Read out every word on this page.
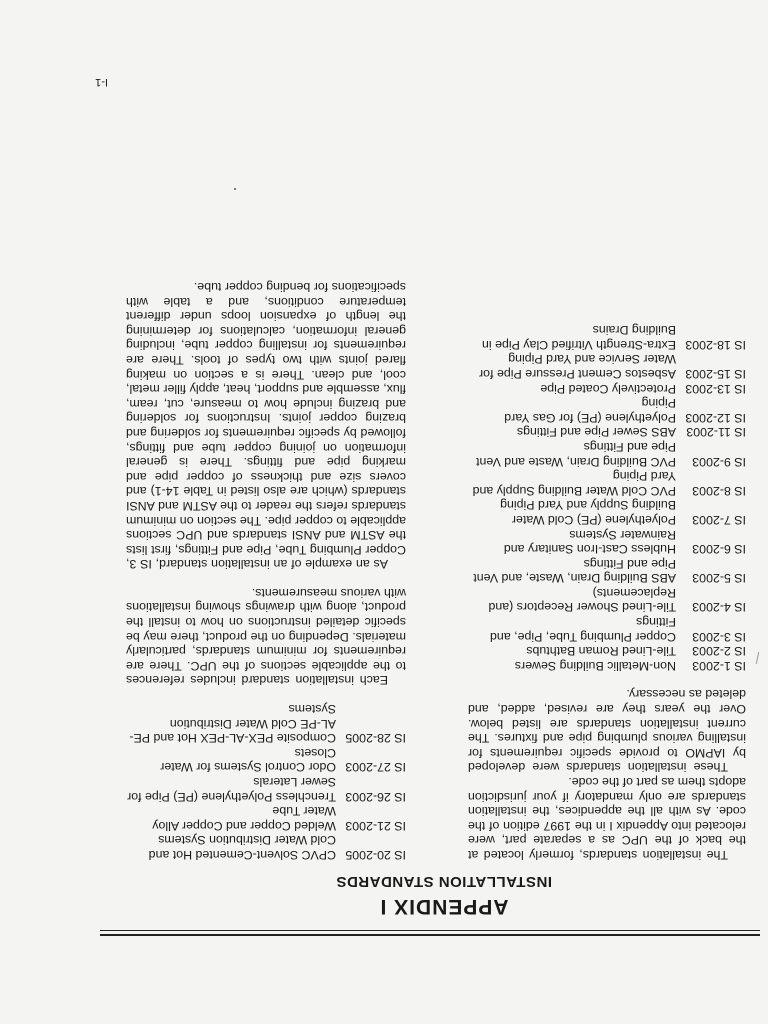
APPENDIX I
INSTALLATION STANDARDS

The installation standards, formerly located at the back of the UPC as a separate part, were relocated into Appendix I in the 1997 edition of the code. As with all the appendices, the installation standards are only mandatory if your jurisdiction adopts them as part of the code.

These installation standards were developed by IAPMO to provide specific requirements for installing various plumbing pipe and fixtures. The current installation standards are listed below. Over the years they are revised, added, and deleted as necessary.

IS 1-2003
Non-Metallic Building Sewers
IS 2-2003
Tile-Lined Roman Bathtubs
IS 3-2003
Copper Plumbing Tube, Pipe, and Fittings
IS 4-2003
Tile-Lined Shower Receptors (and Replacements)
IS 5-2003
ABS Building Drain, Waste, and Vent Pipe and Fittings
IS 6-2003
Hubless Cast-Iron Sanitary and Rainwater Systems
IS 7-2003
Polyethylene (PE) Cold Water Building Supply and Yard Piping
IS 8-2003
PVC Cold Water Building Supply and Yard Piping
IS 9-2003
PVC Building Drain, Waste and Vent Pipe and Fittings
IS 11-2003
ABS Sewer Pipe and Fittings
IS 12-2003
Polyethylene (PE) for Gas Yard Piping
IS 13-2003
Protectively Coated Pipe
IS 15-2003
Asbestos Cement Pressure Pipe for Water Service and Yard Piping
IS 18-2003
Extra-Strength Vitrified Clay Pipe in Building Drains
IS 20-2005
CPVC Solvent-Cemented Hot and Cold Water Distribution Systems
IS 21-2003
Welded Copper and Copper Alloy Water Tube
IS 26-2003
Trenchless Polyethylene (PE) Pipe for Sewer Laterals
IS 27-2003
Odor Control Systems for Water Closets
IS 28-2005
Composite PEX-AL-PEX Hot and PE-AL-PE Cold Water Distribution Systems

Each installation standard includes references to the applicable sections of the UPC. There are requirements for minimum standards, particularly materials. Depending on the product, there may be specific detailed instructions on how to install the product, along with drawings showing installations with various measurements.

As an example of an installation standard, IS 3, Copper Plumbing Tube, Pipe and Fittings, first lists the ASTM and ANSI standards and UPC sections applicable to copper pipe. The section on minimum standards refers the reader to the ASTM and ANSI standards (which are also listed in Table 14-1) and covers size and thickness of copper pipe and marking pipe and fittings. There is general information on joining copper tube and fittings, followed by specific requirements for soldering and brazing copper joints. Instructions for soldering and brazing include how to measure, cut, ream, flux, assemble and support, heat, apply filler metal, cool, and clean. There is a section on making flared joints with two types of tools. There are requirements for installing copper tube, including general information, calculations for determining the length of expansion loops under different temperature conditions, and a table with specifications for bending copper tube.

I-1
